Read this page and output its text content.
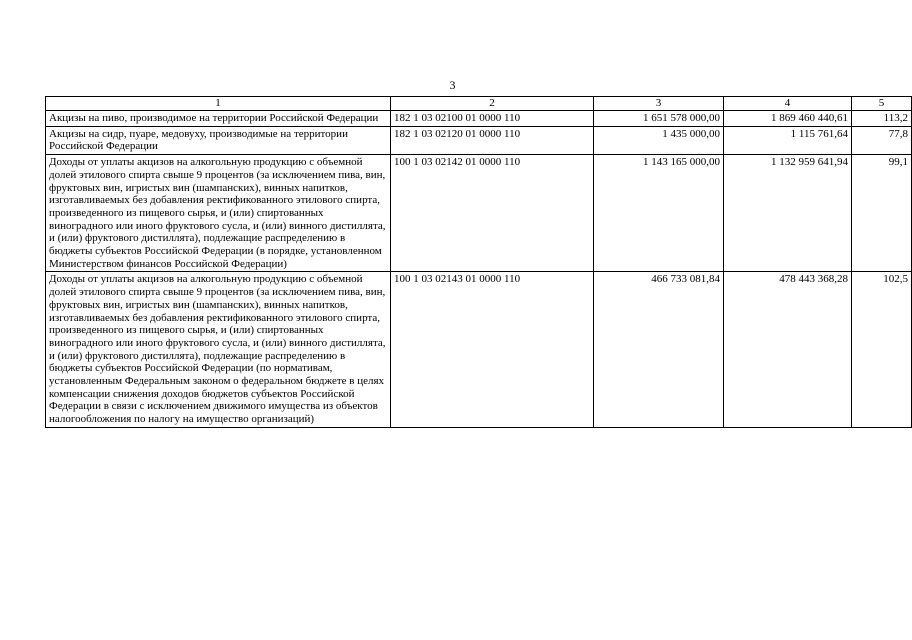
3
1	2	3	4	5
Акцизы на пиво, производимое на территории Российской Федерации	182 1 03 02100 01 0000 110	1 651 578 000,00	1 869 460 440,61	113,2
Акцизы на сидр, пуаре, медовуху, производимые на территории Российской Федерации	182 1 03 02120 01 0000 110	1 435 000,00	1 115 761,64	77,8
Доходы от уплаты акцизов на алкогольную продукцию с объемной долей этилового спирта свыше 9 процентов (за исключением пива, вин, фруктовых вин, игристых вин (шампанских), винных напитков, изготавливаемых без добавления ректификованного этилового спирта, произведенного из пищевого сырья, и (или) спиртованных виноградного или иного фруктового сусла, и (или) винного дистиллята, и (или) фруктового дистиллята), подлежащие распределению в бюджеты субъектов Российской Федерации (в порядке, установленном Министерством финансов Российской Федерации)	100 1 03 02142 01 0000 110	1 143 165 000,00	1 132 959 641,94	99,1
Доходы от уплаты акцизов на алкогольную продукцию с объемной долей этилового спирта свыше 9 процентов (за исключением пива, вин, фруктовых вин, игристых вин (шампанских), винных напитков, изготавливаемых без добавления ректификованного этилового спирта, произведенного из пищевого сырья, и (или) спиртованных виноградного или иного фруктового сусла, и (или) винного дистиллята, и (или) фруктового дистиллята), подлежащие распределению в бюджеты субъектов Российской Федерации (по нормативам, установленным Федеральным законом о федеральном бюджете в целях компенсации снижения доходов бюджетов субъектов Российской Федерации в связи с исключением движимого имущества из объектов налогообложения по налогу на имущество организаций)	100 1 03 02143 01 0000 110	466 733 081,84	478 443 368,28	102,5
